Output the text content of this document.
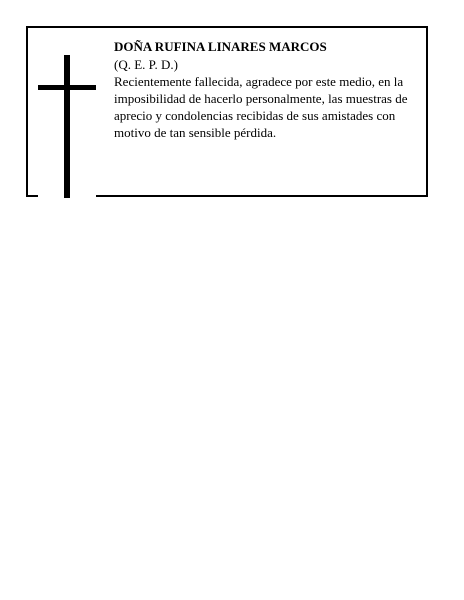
DOÑA RUFINA LINARES MARCOS
(Q. E. P. D.)

Recientemente fallecida, agradece por este medio, en la imposibilidad de hacerlo personalmente, las muestras de aprecio y condolencias recibidas de sus amistades con motivo de tan sensible pérdida.
